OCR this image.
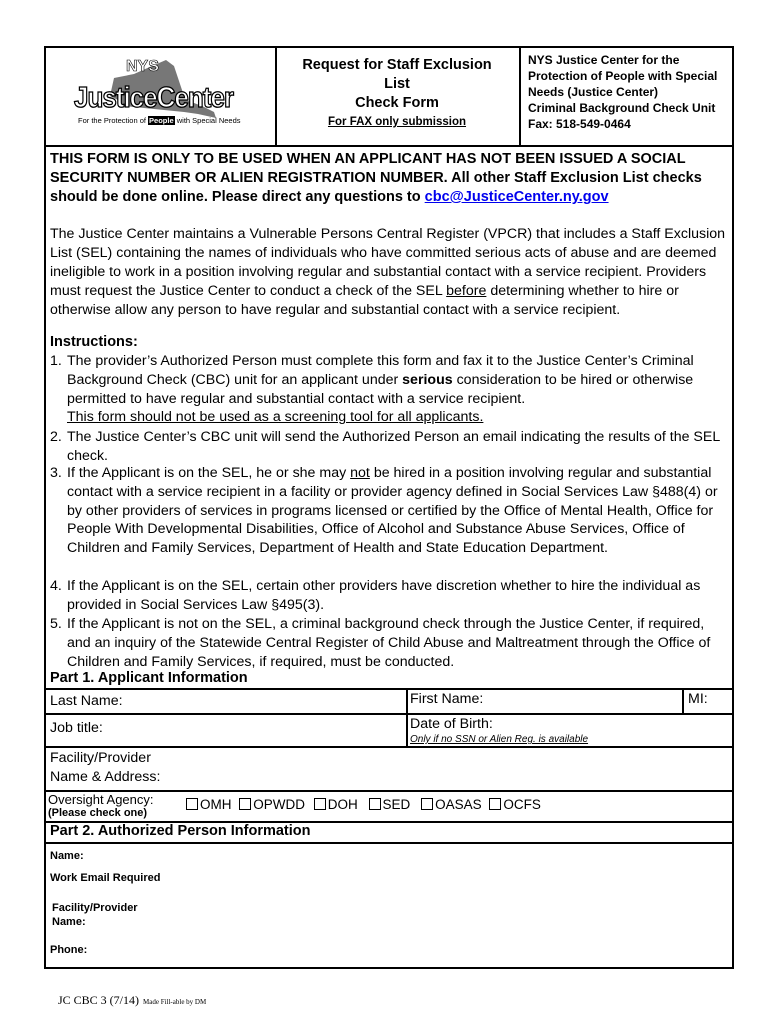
NYS
JusticeCenter
For the Protection of People with Special Needs
Request for Staff Exclusion
List
Check Form
For FAX only submission
NYS Justice Center for the
Protection of People with Special
Needs (Justice Center)
Criminal Background Check Unit
Fax: 518-549-0464
THIS FORM IS ONLY TO BE USED WHEN AN APPLICANT HAS NOT BEEN ISSUED A SOCIAL SECURITY NUMBER OR ALIEN REGISTRATION NUMBER. All other Staff Exclusion List checks should be done online. Please direct any questions to cbc@JusticeCenter.ny.gov
The Justice Center maintains a Vulnerable Persons Central Register (VPCR) that includes a Staff Exclusion List (SEL) containing the names of individuals who have committed serious acts of abuse and are deemed ineligible to work in a position involving regular and substantial contact with a service recipient. Providers must request the Justice Center to conduct a check of the SEL before determining whether to hire or otherwise allow any person to have regular and substantial contact with a service recipient.
Instructions:
1. The provider’s Authorized Person must complete this form and fax it to the Justice Center’s Criminal Background Check (CBC) unit for an applicant under serious consideration to be hired or otherwise permitted to have regular and substantial contact with a service recipient.
This form should not be used as a screening tool for all applicants.
2. The Justice Center’s CBC unit will send the Authorized Person an email indicating the results of the SEL check.
3. If the Applicant is on the SEL, he or she may not be hired in a position involving regular and substantial contact with a service recipient in a facility or provider agency defined in Social Services Law §488(4) or by other providers of services in programs licensed or certified by the Office of Mental Health, Office for People With Developmental Disabilities, Office of Alcohol and Substance Abuse Services, Office of Children and Family Services, Department of Health and State Education Department.
4. If the Applicant is on the SEL, certain other providers have discretion whether to hire the individual as provided in Social Services Law §495(3).
5. If the Applicant is not on the SEL, a criminal background check through the Justice Center, if required, and an inquiry of the Statewide Central Register of Child Abuse and Maltreatment through the Office of Children and Family Services, if required, must be conducted.
Part 1. Applicant Information
Last Name:	First Name:	MI:
Job title:	Date of Birth:
Only if no SSN or Alien Reg. is available
Facility/Provider
Name & Address:
Oversight Agency:
(Please check one)
OMH OPWDD DOH SED OASAS OCFS
Part 2. Authorized Person Information
Name:
Work Email Required
Facility/Provider
Name:
Phone:
JC CBC 3 (7/14) Made Fill-able by DM
